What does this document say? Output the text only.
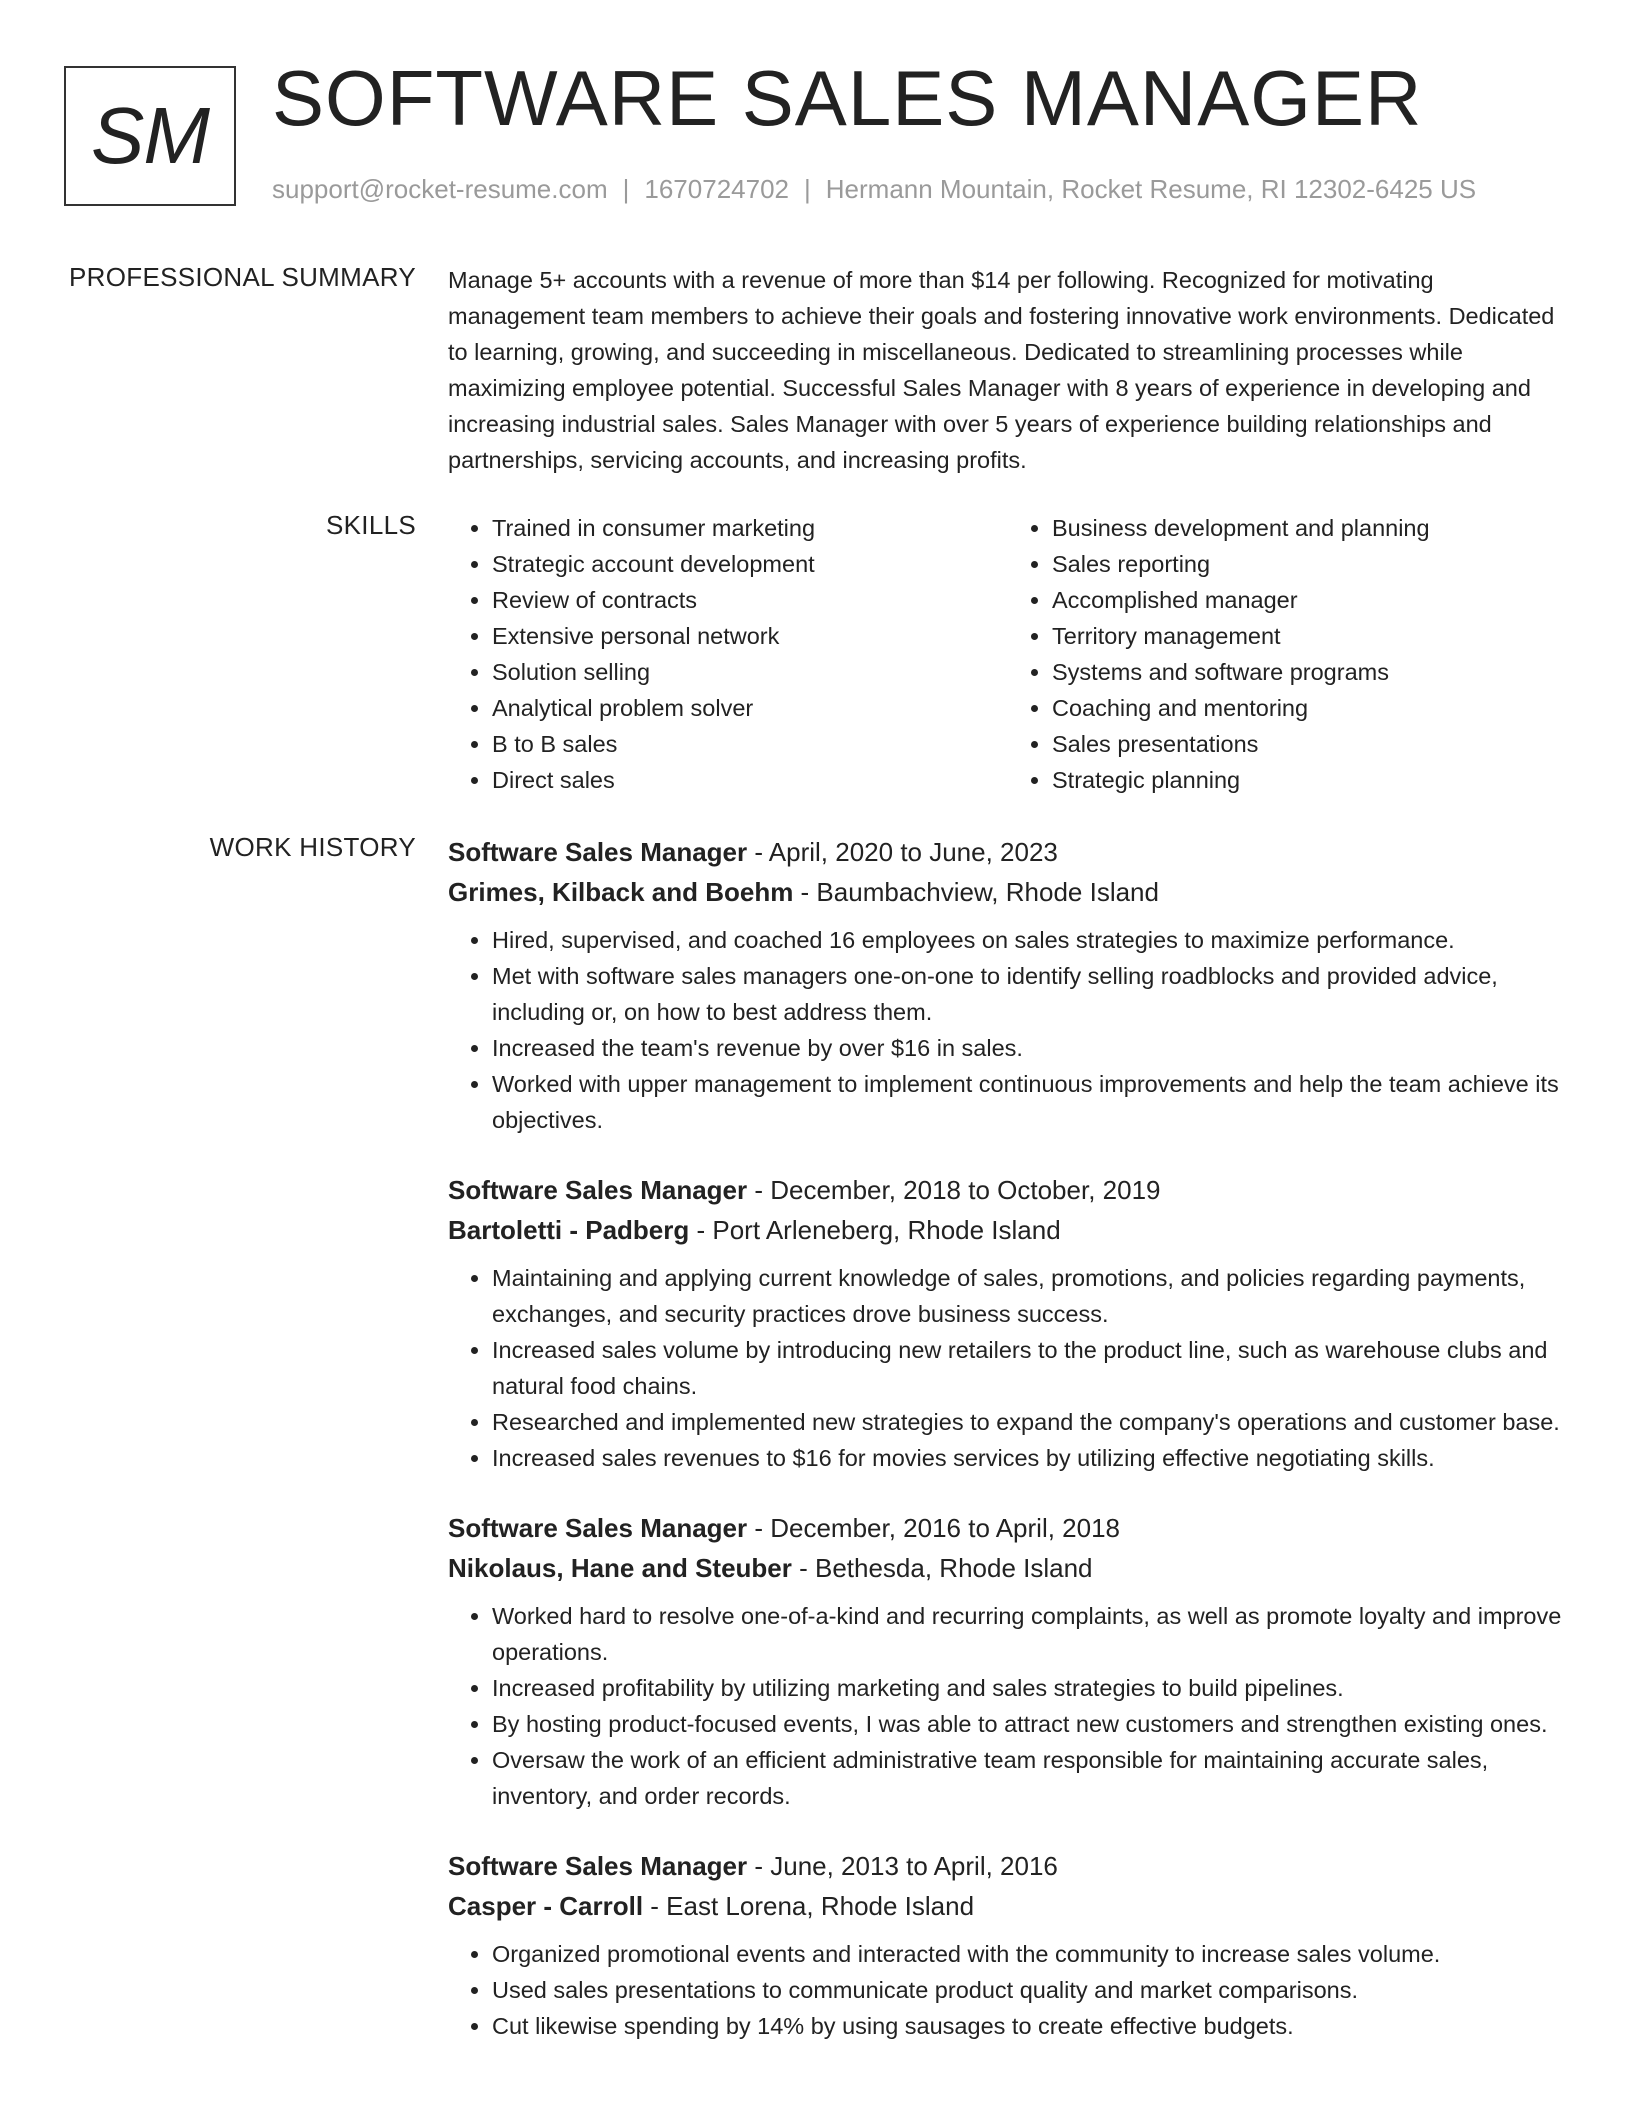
SM SOFTWARE SALES MANAGER
support@rocket-resume.com | 1670724702 | Hermann Mountain, Rocket Resume, RI 12302-6425 US
PROFESSIONAL SUMMARY Manage 5+ accounts with a revenue of more than $14 per following. Recognized for motivating management team members to achieve their goals and fostering innovative work environments. Dedicated to learning, growing, and succeeding in miscellaneous. Dedicated to streamlining processes while maximizing employee potential. Successful Sales Manager with 8 years of experience in developing and increasing industrial sales. Sales Manager with over 5 years of experience building relationships and partnerships, servicing accounts, and increasing profits.

SKILLS
•	Trained in consumer marketing
• Strategic account development
• Review of contracts
• Extensive personal network
• Solution selling
• Analytical problem solver
• B to B sales
• Direct sales
• Business development and planning
• Sales reporting
• Accomplished manager
• Territory management
• Systems and software programs
• Coaching and mentoring
• Sales presentations
• Strategic planning
WORK HISTORY Software Sales Manager - April, 2020 to June, 2023
Grimes, Kilback and Boehm - Baumbachview, Rhode Island
• Hired, supervised, and coached 16 employees on sales strategies to maximize performance.
• Met with software sales managers one-on-one to identify selling roadblocks and provided advice, including or, on how to best address them.
• Increased the team's revenue by over $16 in sales.
• Worked with upper management to implement continuous improvements and help the team achieve its objectives.
Software Sales Manager - December, 2018 to October, 2019
Bartoletti - Padberg - Port Arleneberg, Rhode Island
• Maintaining and applying current knowledge of sales, promotions, and policies regarding payments, exchanges, and security practices drove business success.
• Increased sales volume by introducing new retailers to the product line, such as warehouse clubs and natural food chains.
• Researched and implemented new strategies to expand the company's operations and customer base.
• Increased sales revenues to $16 for movies services by utilizing effective negotiating skills.
Software Sales Manager - December, 2016 to April, 2018
Nikolaus, Hane and Steuber - Bethesda, Rhode Island
• Worked hard to resolve one-of-a-kind and recurring complaints, as well as promote loyalty and improve operations.
• Increased profitability by utilizing marketing and sales strategies to build pipelines.
• By hosting product-focused events, I was able to attract new customers and strengthen existing ones.
• Oversaw the work of an efficient administrative team responsible for maintaining accurate sales, inventory, and order records.
Software Sales Manager - June, 2013 to April, 2016
Casper - Carroll - East Lorena, Rhode Island
• Organized promotional events and interacted with the community to increase sales volume.
• Used sales presentations to communicate product quality and market comparisons.
• Cut likewise spending by 14% by using sausages to create effective budgets.
